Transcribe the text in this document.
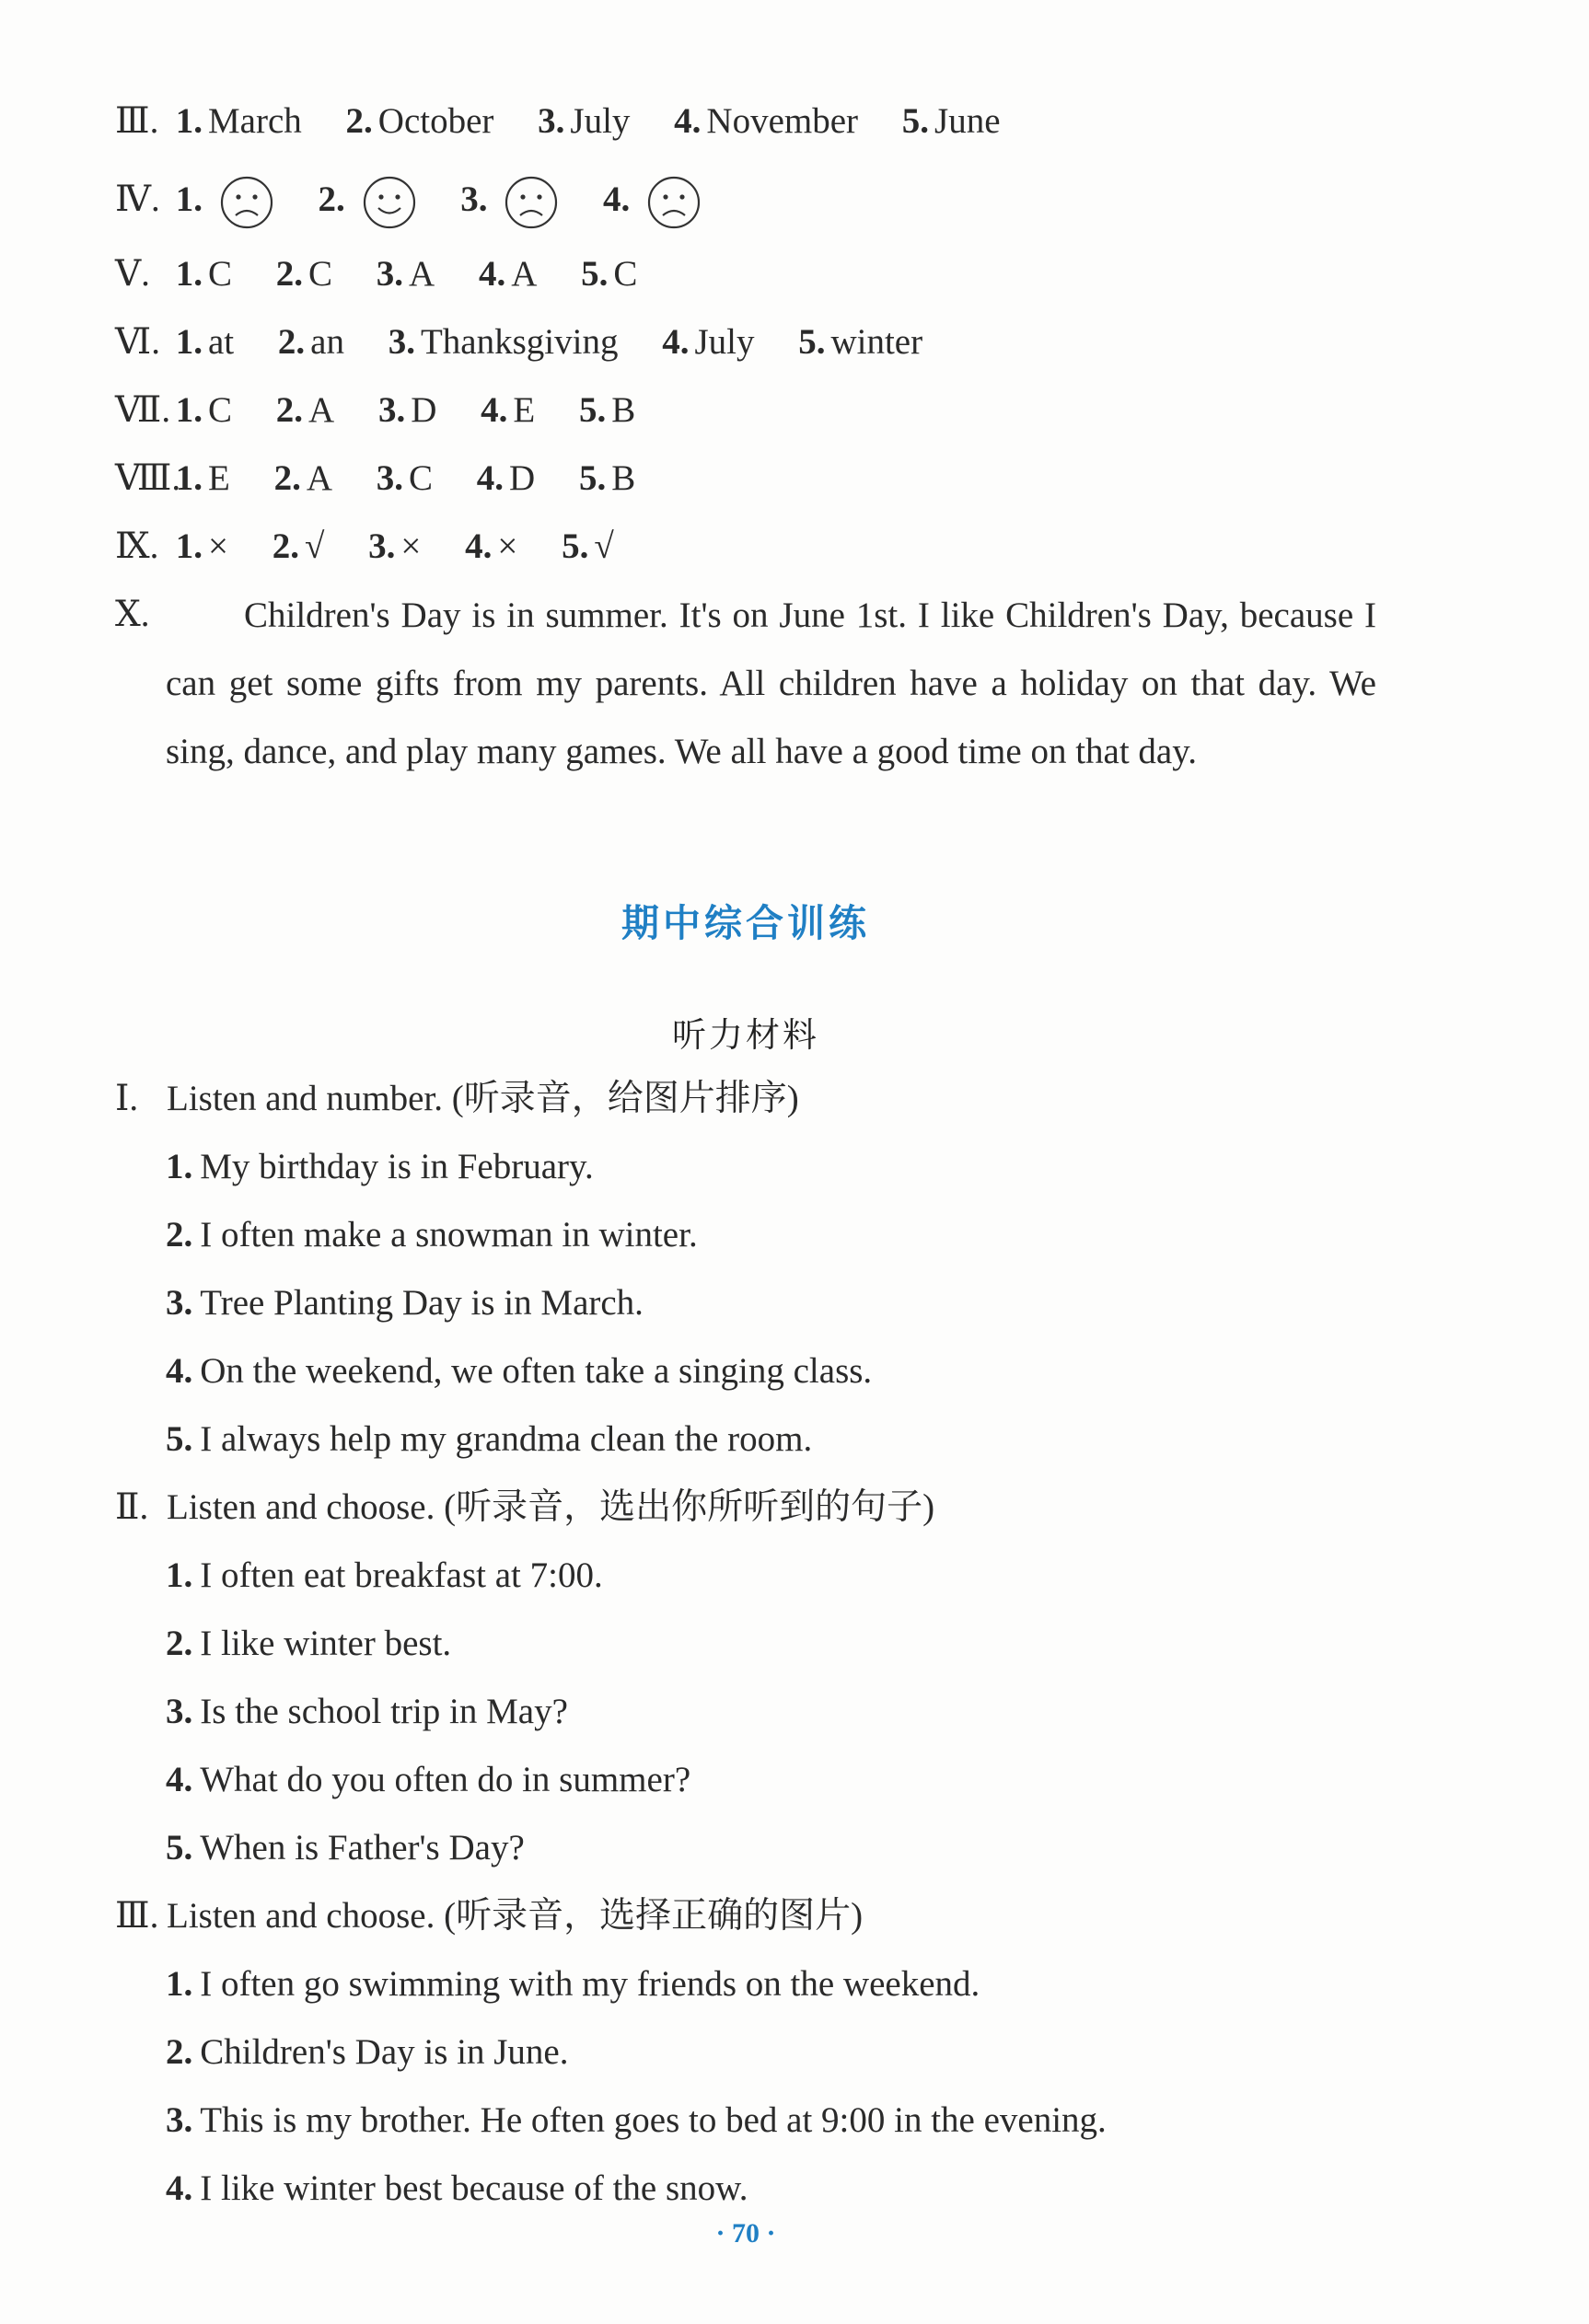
Ⅲ. 1. March 2. October 3. July 4. November 5. June
Ⅳ. 1.	2.	3.	4.
Ⅴ. 1. C 2. C 3. A 4. A 5. C
Ⅵ. 1. at 2. an 3. Thanksgiving 4. July 5. winter
Ⅶ. 1. C 2. A 3. D 4. E 5. B
Ⅷ. 1. E 2. A 3. C 4. D 5. B
Ⅸ. 1. × 2. √ 3. × 4. × 5. √
Ⅹ.	Children's Day is in summer. It's on June 1st. I like Children's Day, because I can get some gifts from my parents. All children have a holiday on that day. We sing, dance, and play many games. We all have a good time on that day.
期中综合训练
听力材料
Ⅰ. Listen and number. (听录音，给图片排序)
1. My birthday is in February.
2. I often make a snowman in winter.
3. Tree Planting Day is in March.
4. On the weekend, we often take a singing class.
5. I always help my grandma clean the room.
Ⅱ. Listen and choose. (听录音，选出你所听到的句子)
1. I often eat breakfast at 7:00.
2. I like winter best.
3. Is the school trip in May?
4. What do you often do in summer?
5. When is Father's Day?
Ⅲ. Listen and choose. (听录音，选择正确的图片)
1. I often go swimming with my friends on the weekend.
2. Children's Day is in June.
3. This is my brother. He often goes to bed at 9:00 in the evening.
4. I like winter best because of the snow.
· 70 ·
